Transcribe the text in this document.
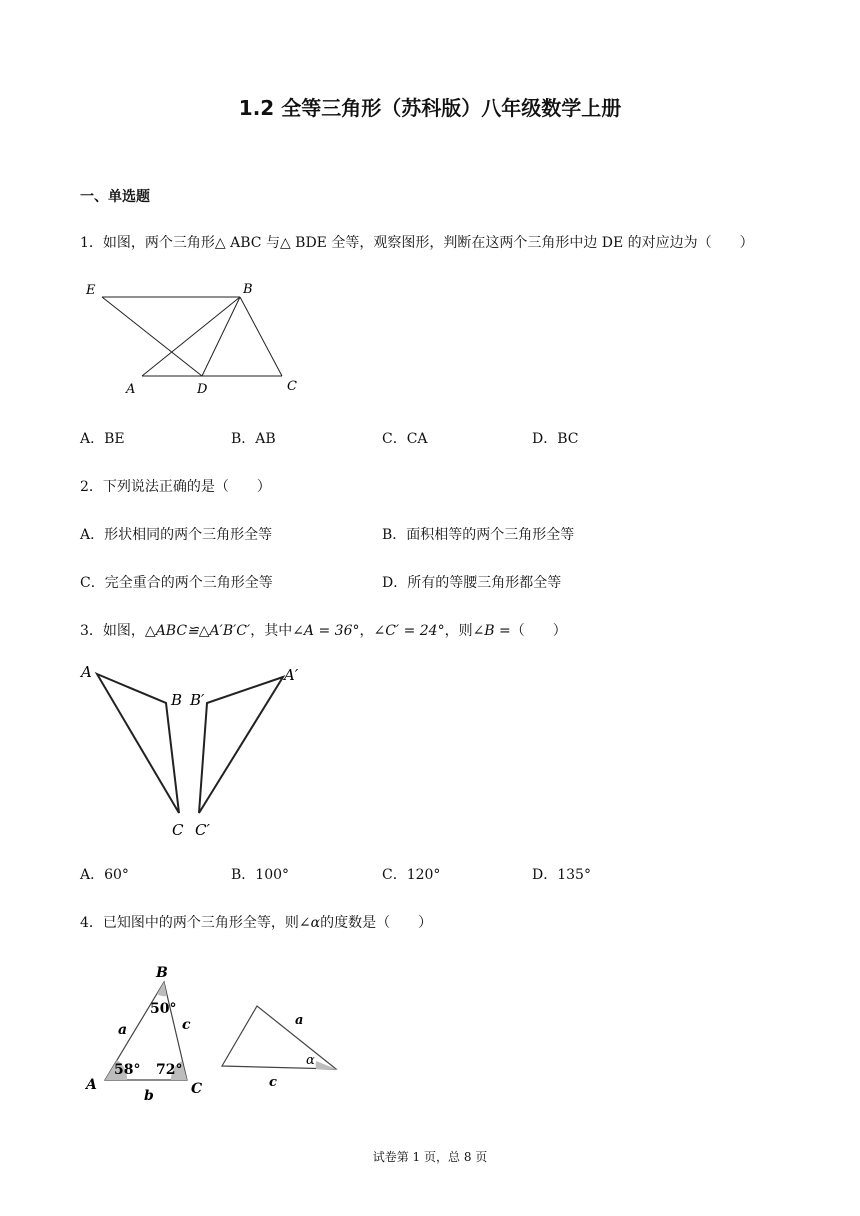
1.2 全等三角形（苏科版）八年级数学上册
一、单选题
1．如图，两个三角形△ ABC 与△ BDE 全等，观察图形，判断在这两个三角形中边 DE 的对应边为（　　）
E	B
A	D	C
A．BE	B．AB	C．CA	D．BC
2．下列说法正确的是（　　）
A．形状相同的两个三角形全等	B．面积相等的两个三角形全等
C．完全重合的两个三角形全等	D．所有的等腰三角形都全等
3．如图，△ABC≌△A′B′C′，其中∠A = 36°，∠C′ = 24°，则∠B =（　　）
A
B B′
A′
C C′
A．60°	B．100°	C．120°	D．135°
4．已知图中的两个三角形全等，则∠α的度数是（　　）
B
A	C
a
b
c
50°
58° 72°
a
c
α
试卷第 1 页，总 8 页
